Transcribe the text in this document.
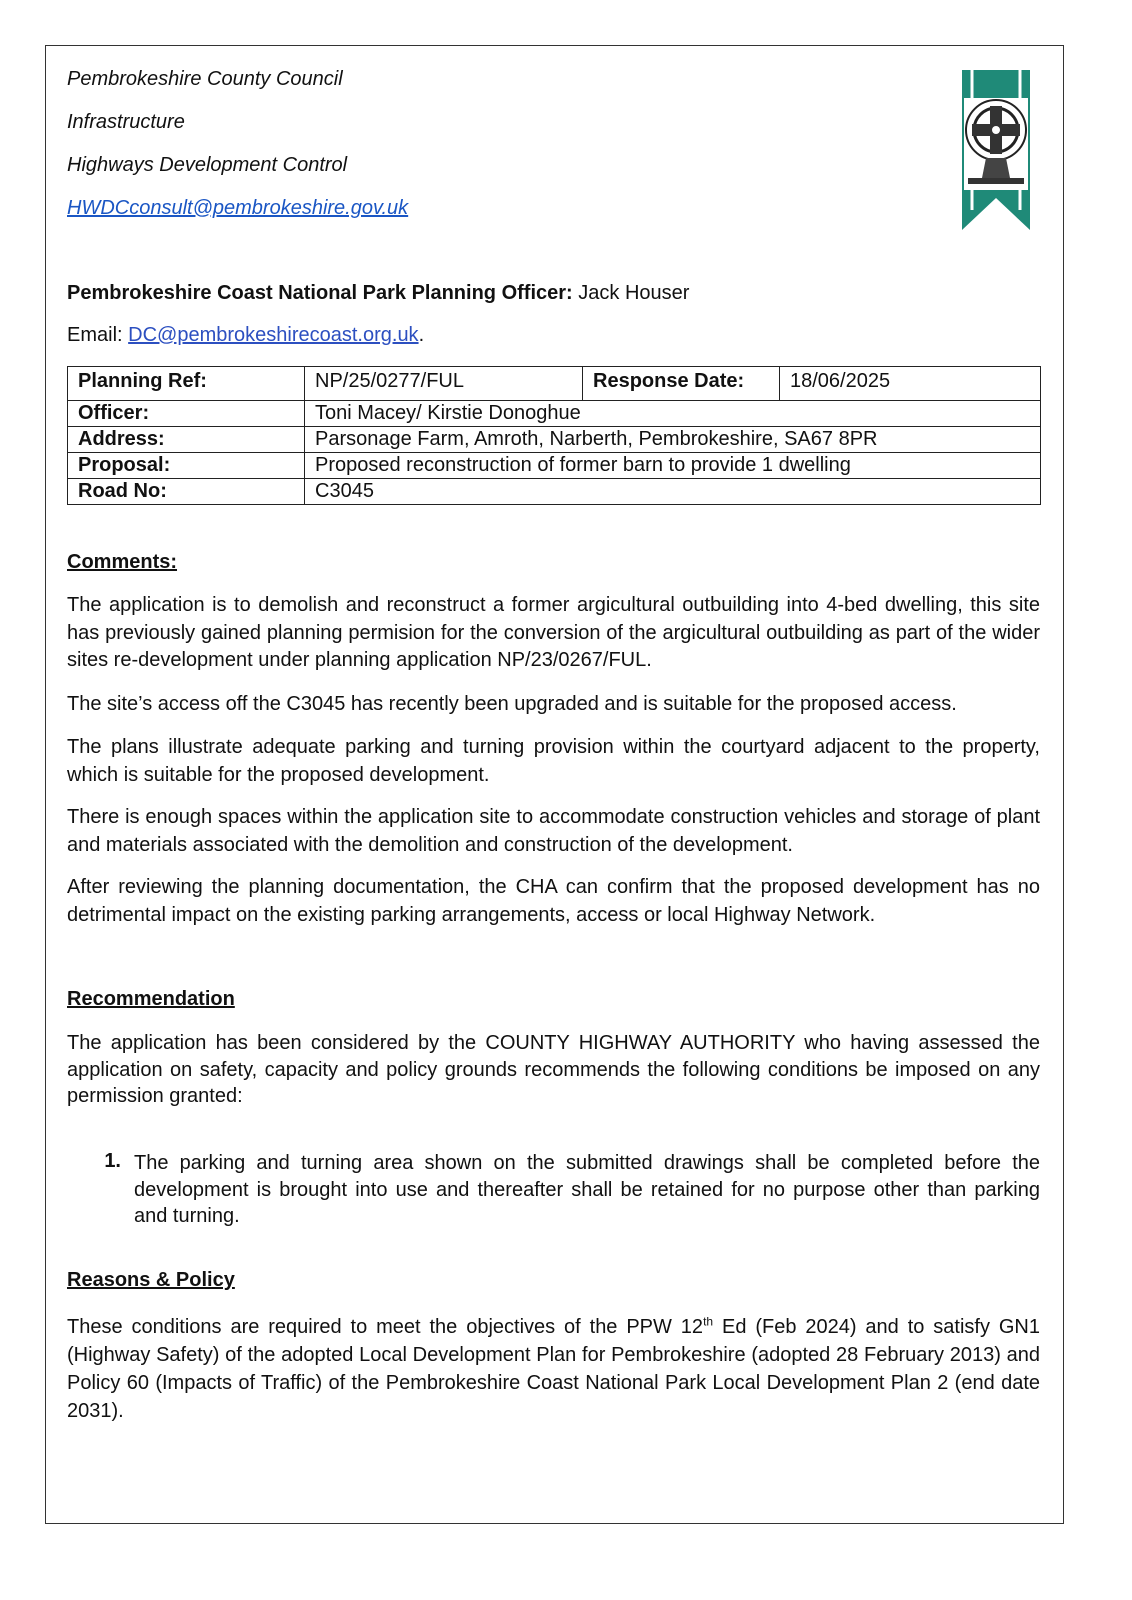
Pembrokeshire County Council
Infrastructure
Highways Development Control
HWDCconsult@pembrokeshire.gov.uk
Pembrokeshire Coast National Park Planning Officer: Jack Houser
Email: DC@pembrokeshirecoast.org.uk.
Planning Ref:	NP/25/0277/FUL	Response Date:	18/06/2025
Officer:	Toni Macey/ Kirstie Donoghue		
Address:	Parsonage Farm, Amroth, Narberth, Pembrokeshire, SA67 8PR		
Proposal:	Proposed reconstruction of former barn to provide 1 dwelling		
Road No:	C3045		
Comments:

The application is to demolish and reconstruct a former argicultural outbuilding into 4-bed dwelling, this site has previously gained planning permision for the conversion of the argicultural outbuilding as part of the wider sites re-development under planning application NP/23/0267/FUL.

The site’s access off the C3045 has recently been upgraded and is suitable for the proposed access.

The plans illustrate adequate parking and turning provision within the courtyard adjacent to the property, which is suitable for the proposed development.

There is enough spaces within the application site to accommodate construction vehicles and storage of plant and materials associated with the demolition and construction of the development.

After reviewing the planning documentation, the CHA can confirm that the proposed development has no detrimental impact on the existing parking arrangements, access or local Highway Network.

Recommendation

The application has been considered by the COUNTY HIGHWAY AUTHORITY who having assessed the application on safety, capacity and policy grounds recommends the following conditions be imposed on any permission granted:

1. The parking and turning area shown on the submitted drawings shall be completed before the development is brought into use and thereafter shall be retained for no purpose other than parking and turning.

Reasons & Policy

These conditions are required to meet the objectives of the PPW 12th Ed (Feb 2024) and to satisfy GN1 (Highway Safety) of the adopted Local Development Plan for Pembrokeshire (adopted 28 February 2013) and Policy 60 (Impacts of Traffic) of the Pembrokeshire Coast National Park Local Development Plan 2 (end date 2031).
